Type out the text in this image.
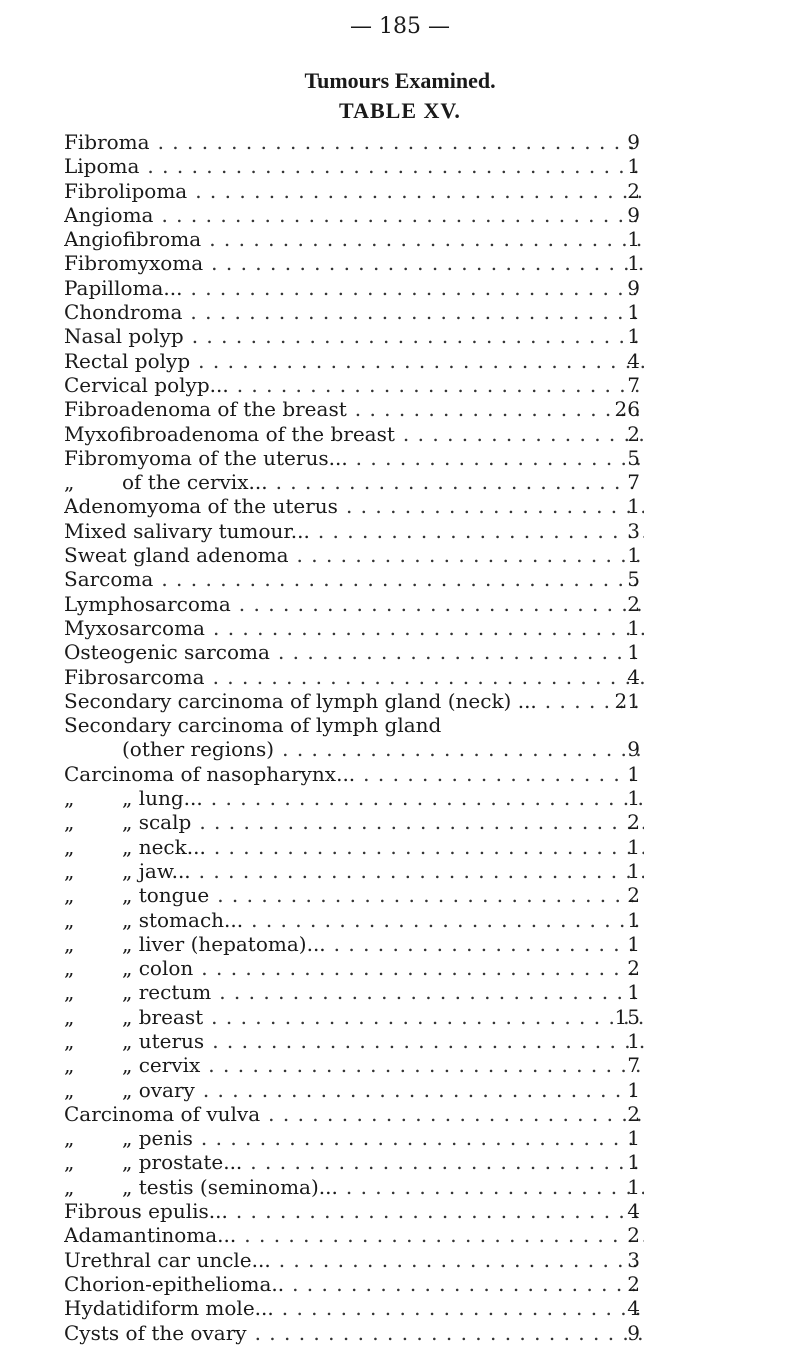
— 185 —
Tumours Examined.
TABLE XV.
Fibroma
. . .
Lipoma
. . .
Fibrolipoma
. . .
Angioma
. . .
Angiofibroma
. . .
Fibromyxoma
. . .
Papilloma...
. . .
Chondroma
. . .
Nasal polyp
. . .
Rectal polyp
. . .
Cervical polyp...
. . .
Fibroadenoma of the breast
. . .
Myxofibroadenoma of the breast
. . .
Fibromyoma of the uterus...
. . .
„ of the cervix...
. . .
Adenomyoma of the uterus
. . .
Mixed salivary tumour...
. . .
Sweat gland adenoma
. . .
Sarcoma
. . .
Lymphosarcoma
. . .
Myxosarcoma
. . .
Osteogenic sarcoma
. . .
Fibrosarcoma
. . .
Secondary carcinoma of lymph gland (neck) ...
. . .
Secondary carcinoma of lymph gland
(other regions)
. . .
Carcinoma of nasopharynx...
. . .
„ „ lung...
. . .
„ „ scalp
. . .
„ „ neck...
. . .
„ „ jaw...
. . .
„ „ tongue
. . .
„ „ stomach...
. . .
„ „ liver (hepatoma)...
. . .
„ „ colon
. . .
„ „ rectum
. . .
„ „ breast
. . .
„ „ uterus
. . .
„ „ cervix
. . .
„ „ ovary
. . .
Carcinoma of vulva
. . .
„ „ penis
. . .
„ „ prostate...
. . .
„ „ testis (seminoma)...
. . .
Fibrous epulis...
. . .
Adamantinoma...
. . .
Urethral car uncle...
. . .
Chorion-epithelioma..
. . .
Hydatidiform mole...
. . .
Cysts of the ovary
. . .
9
1
2
9
1
1
9
1
1
4
7
26
2
5
7
1
3
1
5
2
1
1
4
21
9
1
1
2
1
1
2
1
1
2
1
15
1
7
1
2
1
1
1
4
2
3
2
4
9
